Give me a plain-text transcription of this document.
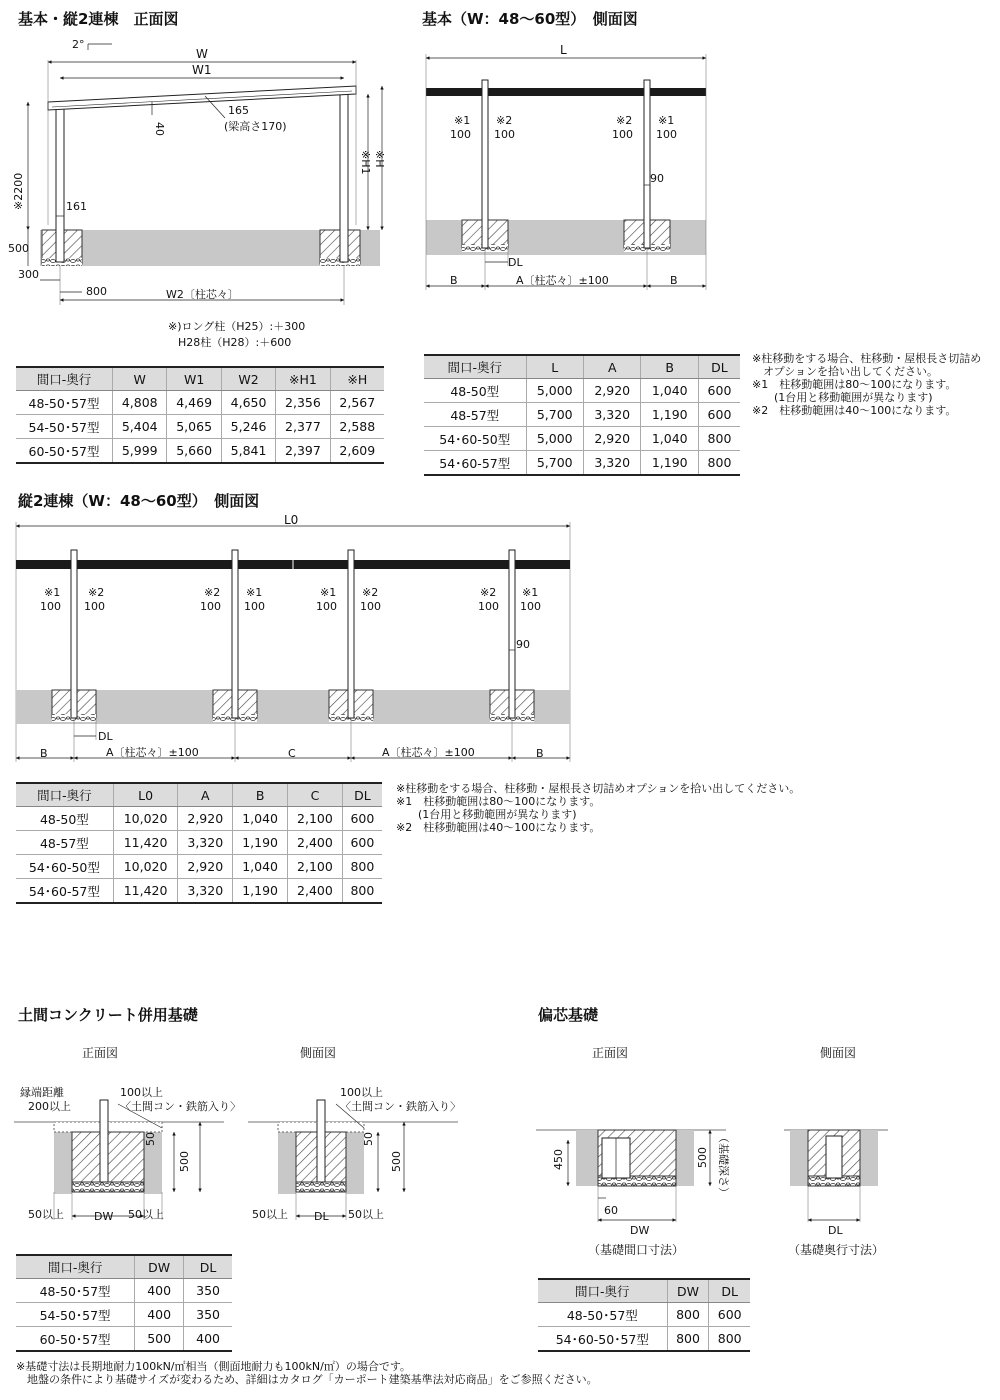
基本・縦2連棟　正面図
2°
W
W1
40
165
(梁高さ170)
※2200
※H1 ※H
161
500
300
800	W2〔柱芯々〕
※)ロング柱（H25）:＋300
H28柱（H28）:＋600
間口-奥行	W	W1	W2	※H1	※H
48-50･57型	4,808	4,469	4,650	2,356	2,567
54-50･57型	5,404	5,065	5,246	2,377	2,588
60-50･57型	5,999	5,660	5,841	2,397	2,609
基本（W：48〜60型）　側面図
L
※1
100
※2
100
※2
100
※1
100
90
DL
B	A〔柱芯々〕±100	B
間口-奥行	L	A	B	DL
48-50型	5,000	2,920	1,040	600
48-57型	5,700	3,320	1,190	600
54･60-50型	5,000	2,920	1,040	800
54･60-57型	5,700	3,320	1,190	800
※柱移動をする場合、柱移動・屋根長さ切詰め
　オプションを拾い出してください。
※1　柱移動範囲は80〜100になります。
　　(1台用と移動範囲が異なります)
※2　柱移動範囲は40〜100になります。
縦2連棟（W：48〜60型）　側面図
L0
※1
100
※2
100
※2
100
※1
100
※1
100
※2
100
※2
100
※1
100
90
DL
B	A〔柱芯々〕±100	C	A〔柱芯々〕±100	B
間口-奥行	L0	A	B	C	DL
48-50型	10,020	2,920	1,040	2,100	600
48-57型	11,420	3,320	1,190	2,400	600
54･60-50型	10,020	2,920	1,040	2,100	800
54･60-57型	11,420	3,320	1,190	2,400	800
※柱移動をする場合、柱移動・屋根長さ切詰めオプションを拾い出してください。
※1　柱移動範囲は80〜100になります。
　　(1台用と移動範囲が異なります)
※2　柱移動範囲は40〜100になります。
土間コンクリート併用基礎
正面図	側面図
縁端距離
200以上
100以上
〈土間コン・鉄筋入り〉
50
500
50以上	DW 50以上
100以上
〈土間コン・鉄筋入り〉
50
500
50以上 DL 50以上
間口-奥行	DW	DL
48-50･57型	400	350
54-50･57型	400	350
60-50･57型	500	400
偏芯基礎
正面図	側面図
450	500 （基礎深さ）
60
DW
（基礎間口寸法）
DL
（基礎奥行寸法）
間口-奥行	DW	DL
48-50･57型	800	600
54･60-50･57型	800	800
※基礎寸法は長期地耐力100kN/㎡相当（側面地耐力も100kN/㎡）の場合です。
　地盤の条件により基礎サイズが変わるため、詳細はカタログ「カーポート建築基準法対応商品」をご参照ください。
